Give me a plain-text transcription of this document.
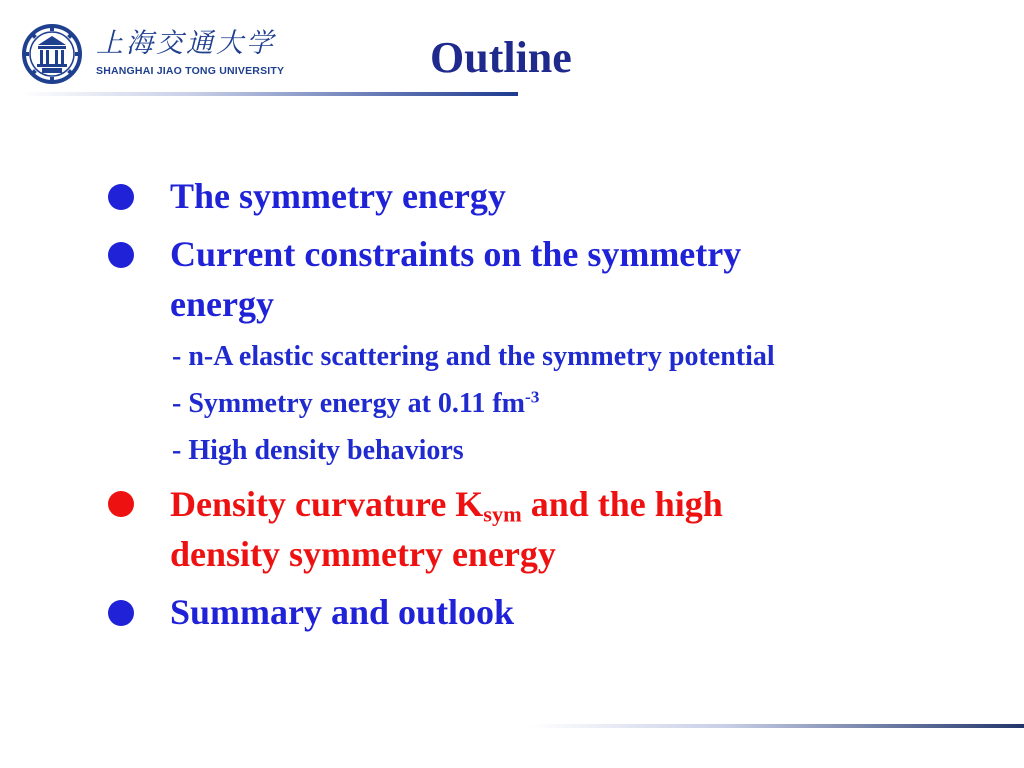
上海交通大学
SHANGHAI JIAO TONG UNIVERSITY	Outline
The symmetry energy
Current constraints on the symmetry
energy
- n-A elastic scattering and the symmetry potential
- Symmetry energy at 0.11 $fm^{-3}$
- High density behaviors
Density curvature $K_{sym}$ and the high
density symmetry energy
Summary and outlook
